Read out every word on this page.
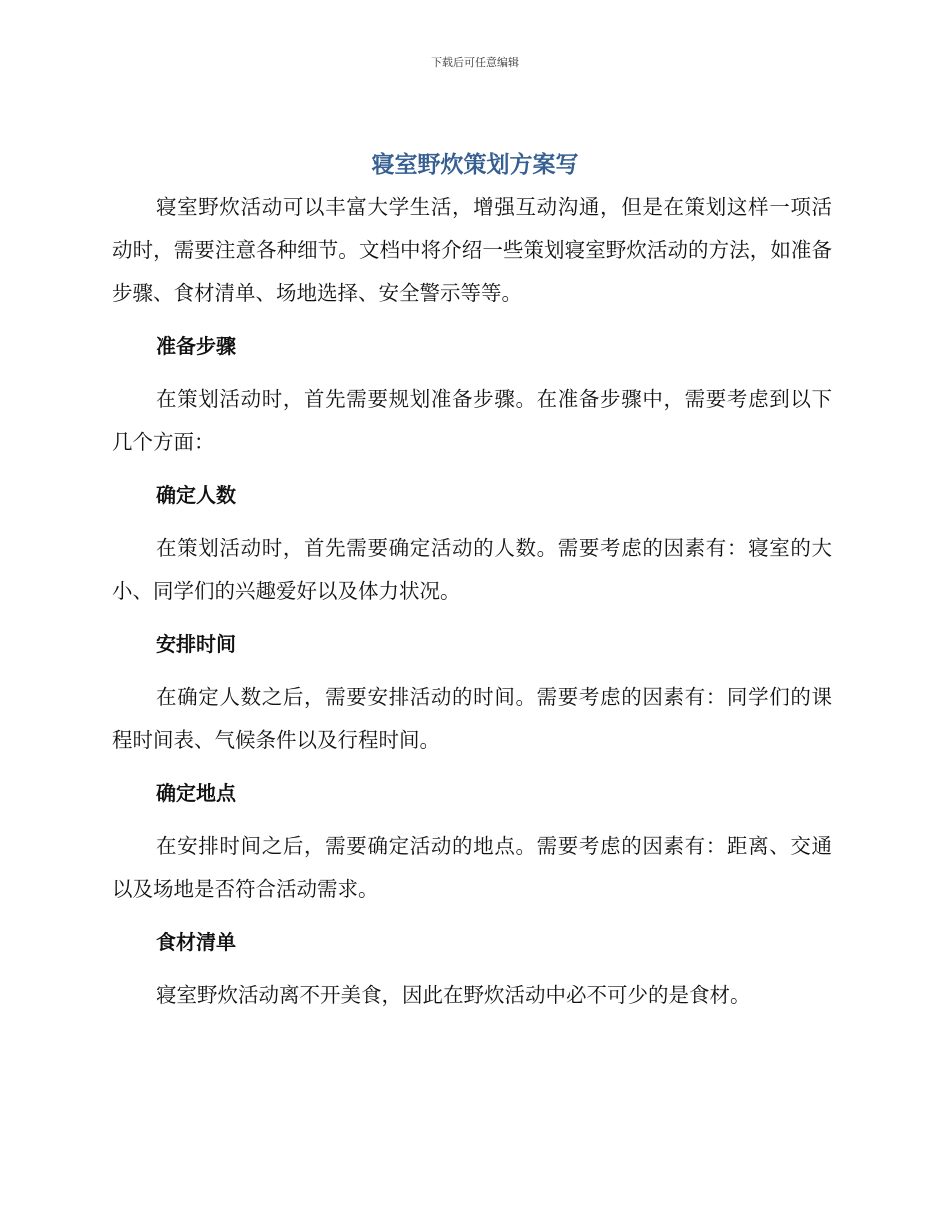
下载后可任意编辑
寝室野炊策划方案写

寝室野炊活动可以丰富大学生活，增强互动沟通，但是在策划这样一项活动时，需要注意各种细节。文档中将介绍一些策划寝室野炊活动的方法，如准备步骤、食材清单、场地选择、安全警示等等。

准备步骤

在策划活动时，首先需要规划准备步骤。在准备步骤中，需要考虑到以下几个方面：

确定人数

在策划活动时，首先需要确定活动的人数。需要考虑的因素有：寝室的大小、同学们的兴趣爱好以及体力状况。

安排时间

在确定人数之后，需要安排活动的时间。需要考虑的因素有：同学们的课程时间表、气候条件以及行程时间。

确定地点

在安排时间之后，需要确定活动的地点。需要考虑的因素有：距离、交通以及场地是否符合活动需求。

食材清单

寝室野炊活动离不开美食，因此在野炊活动中必不可少的是食材。
